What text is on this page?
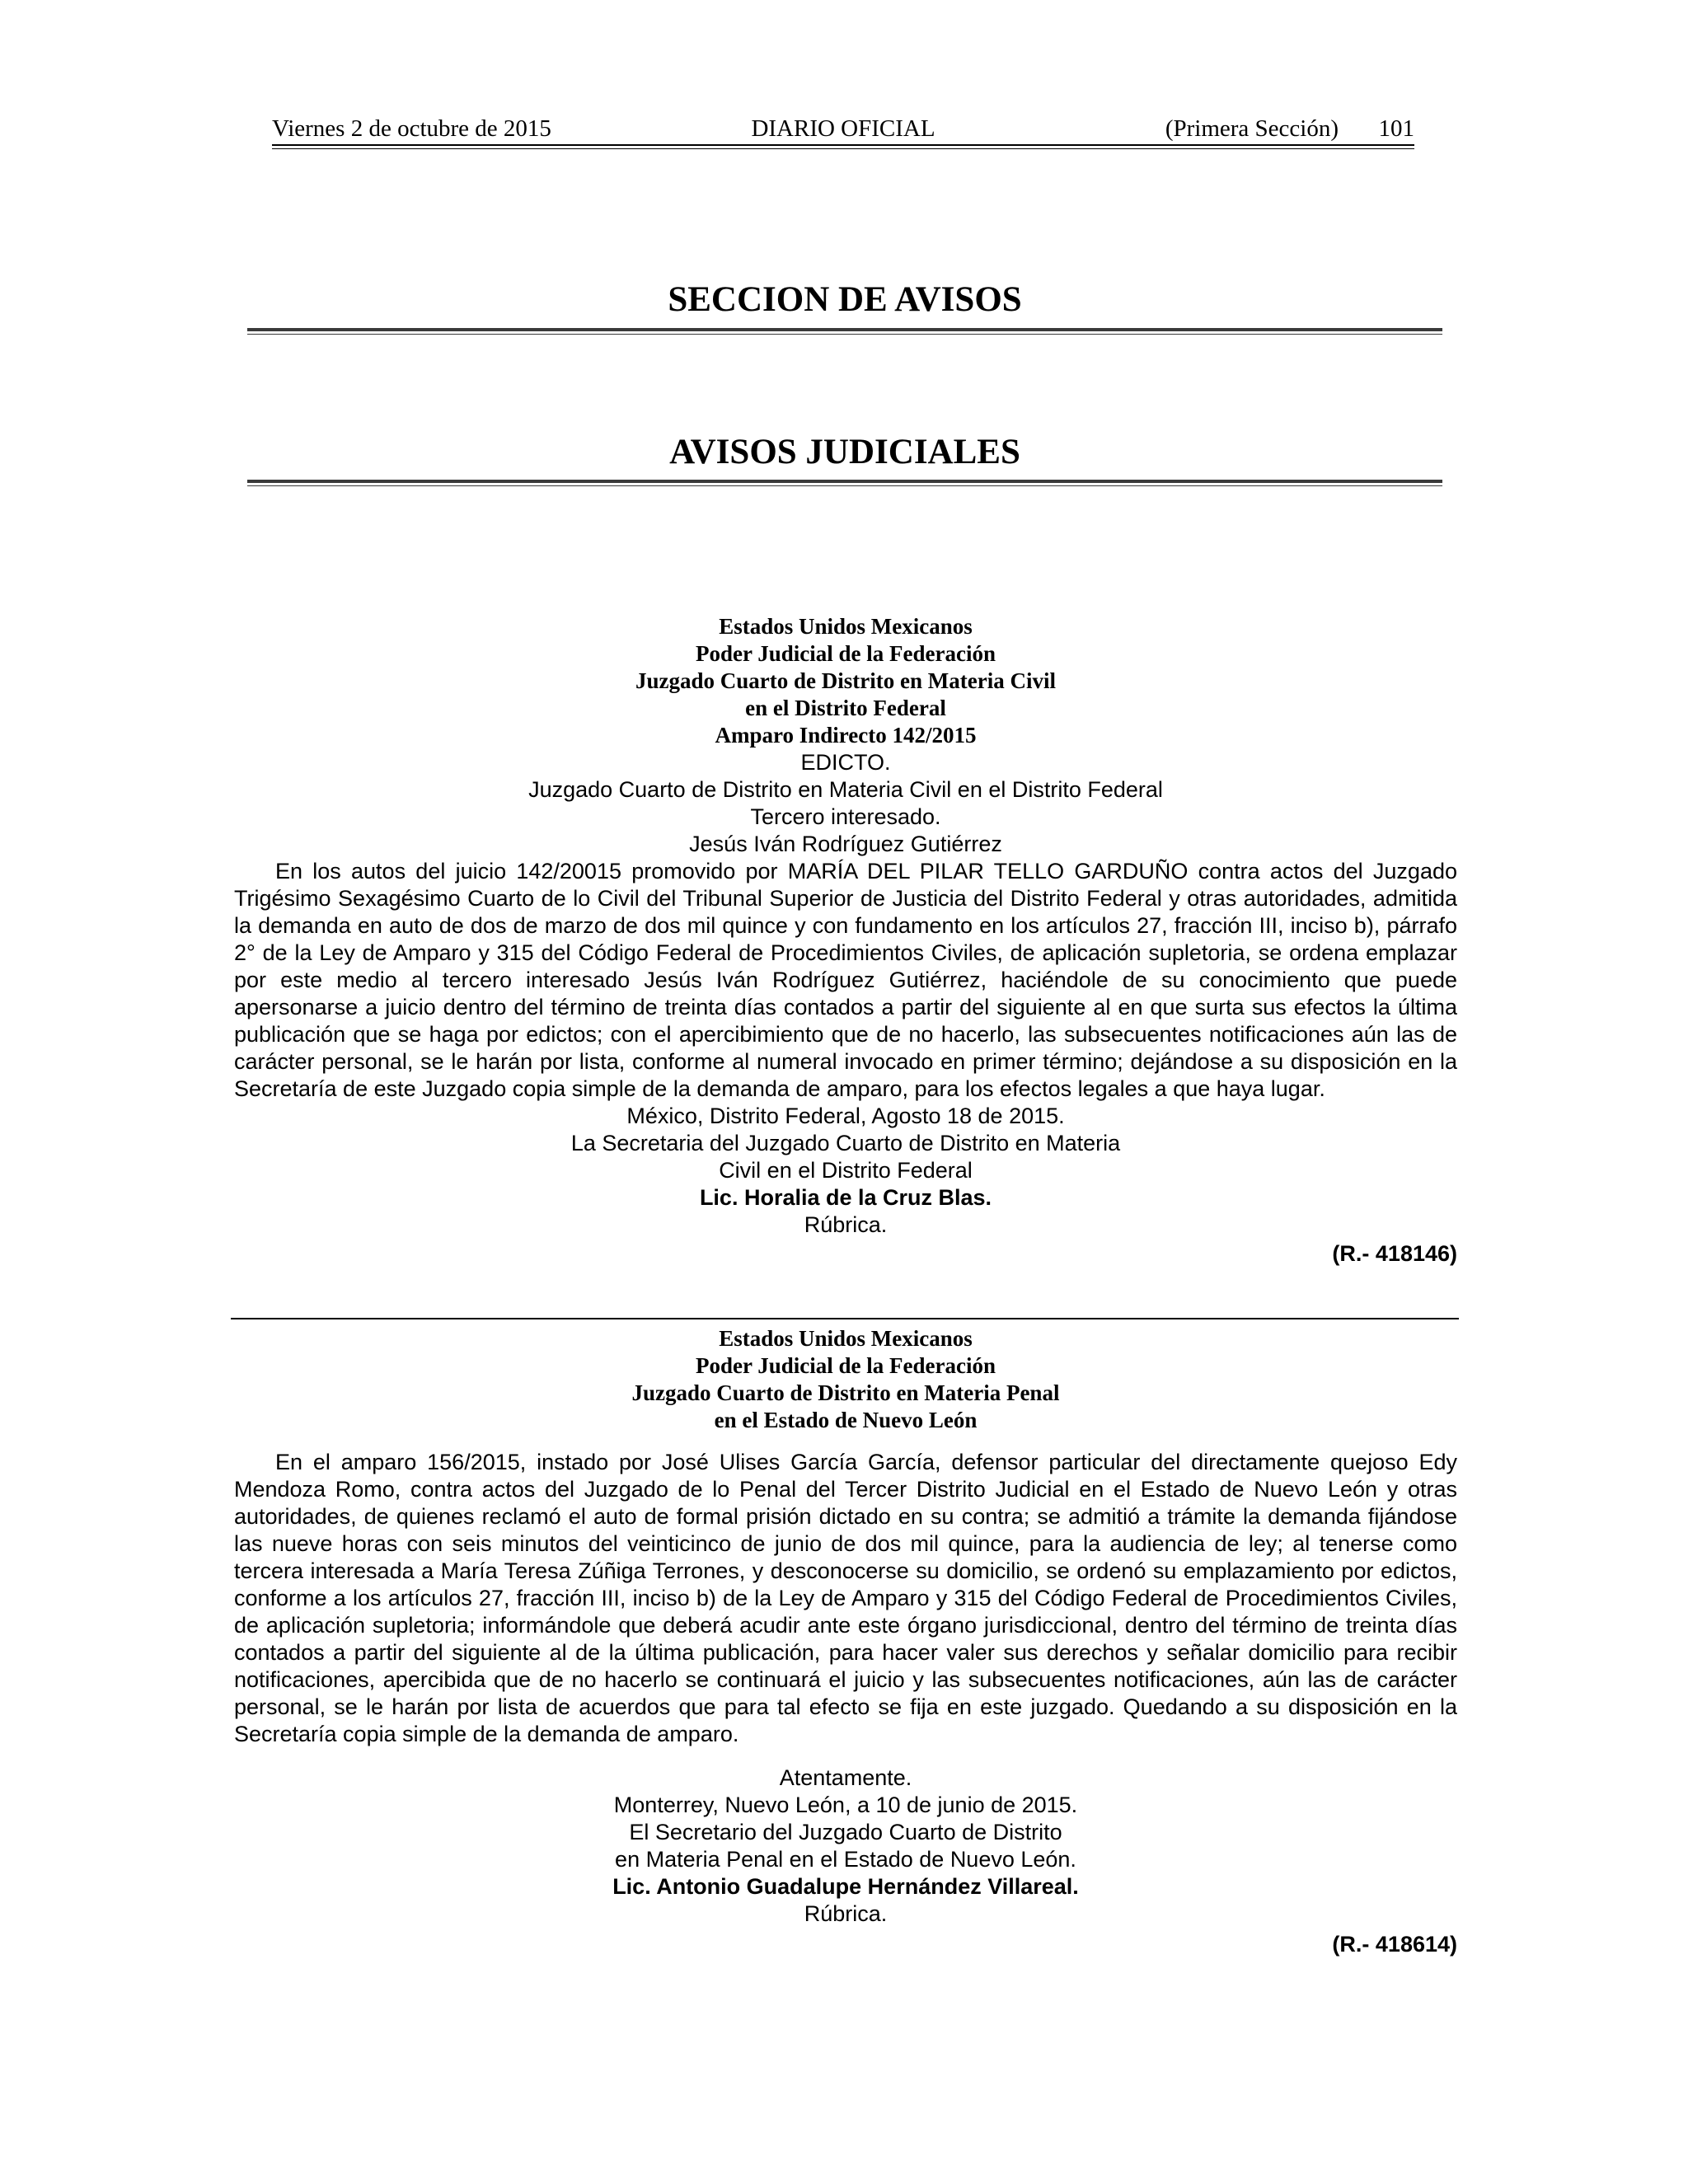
Viernes 2 de octubre de 2015	DIARIO OFICIAL	(Primera Sección) 101
SECCION DE AVISOS
AVISOS JUDICIALES
Estados Unidos Mexicanos
Poder Judicial de la Federación
Juzgado Cuarto de Distrito en Materia Civil
en el Distrito Federal
Amparo Indirecto 142/2015
EDICTO.
Juzgado Cuarto de Distrito en Materia Civil en el Distrito Federal
Tercero interesado.
Jesús Iván Rodríguez Gutiérrez

En los autos del juicio 142/20015 promovido por MARÍA DEL PILAR TELLO GARDUÑO contra actos del Juzgado Trigésimo Sexagésimo Cuarto de lo Civil del Tribunal Superior de Justicia del Distrito Federal y otras autoridades, admitida la demanda en auto de dos de marzo de dos mil quince y con fundamento en los artículos 27, fracción III, inciso b), párrafo 2° de la Ley de Amparo y 315 del Código Federal de Procedimientos Civiles, de aplicación supletoria, se ordena emplazar por este medio al tercero interesado Jesús Iván Rodríguez Gutiérrez, haciéndole de su conocimiento que puede apersonarse a juicio dentro del término de treinta días contados a partir del siguiente al en que surta sus efectos la última publicación que se haga por edictos; con el apercibimiento que de no hacerlo, las subsecuentes notificaciones aún las de carácter personal, se le harán por lista, conforme al numeral invocado en primer término; dejándose a su disposición en la Secretaría de este Juzgado copia simple de la demanda de amparo, para los efectos legales a que haya lugar.

México, Distrito Federal, Agosto 18 de 2015.
La Secretaria del Juzgado Cuarto de Distrito en Materia
Civil en el Distrito Federal
Lic. Horalia de la Cruz Blas.
Rúbrica.
(R.- 418146)
Estados Unidos Mexicanos
Poder Judicial de la Federación
Juzgado Cuarto de Distrito en Materia Penal
en el Estado de Nuevo León

En el amparo 156/2015, instado por José Ulises García García, defensor particular del directamente quejoso Edy Mendoza Romo, contra actos del Juzgado de lo Penal del Tercer Distrito Judicial en el Estado de Nuevo León y otras autoridades, de quienes reclamó el auto de formal prisión dictado en su contra; se admitió a trámite la demanda fijándose las nueve horas con seis minutos del veinticinco de junio de dos mil quince, para la audiencia de ley; al tenerse como tercera interesada a María Teresa Zúñiga Terrones, y desconocerse su domicilio, se ordenó su emplazamiento por edictos, conforme a los artículos 27, fracción III, inciso b) de la Ley de Amparo y 315 del Código Federal de Procedimientos Civiles, de aplicación supletoria; informándole que deberá acudir ante este órgano jurisdiccional, dentro del término de treinta días contados a partir del siguiente al de la última publicación, para hacer valer sus derechos y señalar domicilio para recibir notificaciones, apercibida que de no hacerlo se continuará el juicio y las subsecuentes notificaciones, aún las de carácter personal, se le harán por lista de acuerdos que para tal efecto se fija en este juzgado. Quedando a su disposición en la Secretaría copia simple de la demanda de amparo.

Atentamente.
Monterrey, Nuevo León, a 10 de junio de 2015.
El Secretario del Juzgado Cuarto de Distrito
en Materia Penal en el Estado de Nuevo León.
Lic. Antonio Guadalupe Hernández Villareal.
Rúbrica.
(R.- 418614)
